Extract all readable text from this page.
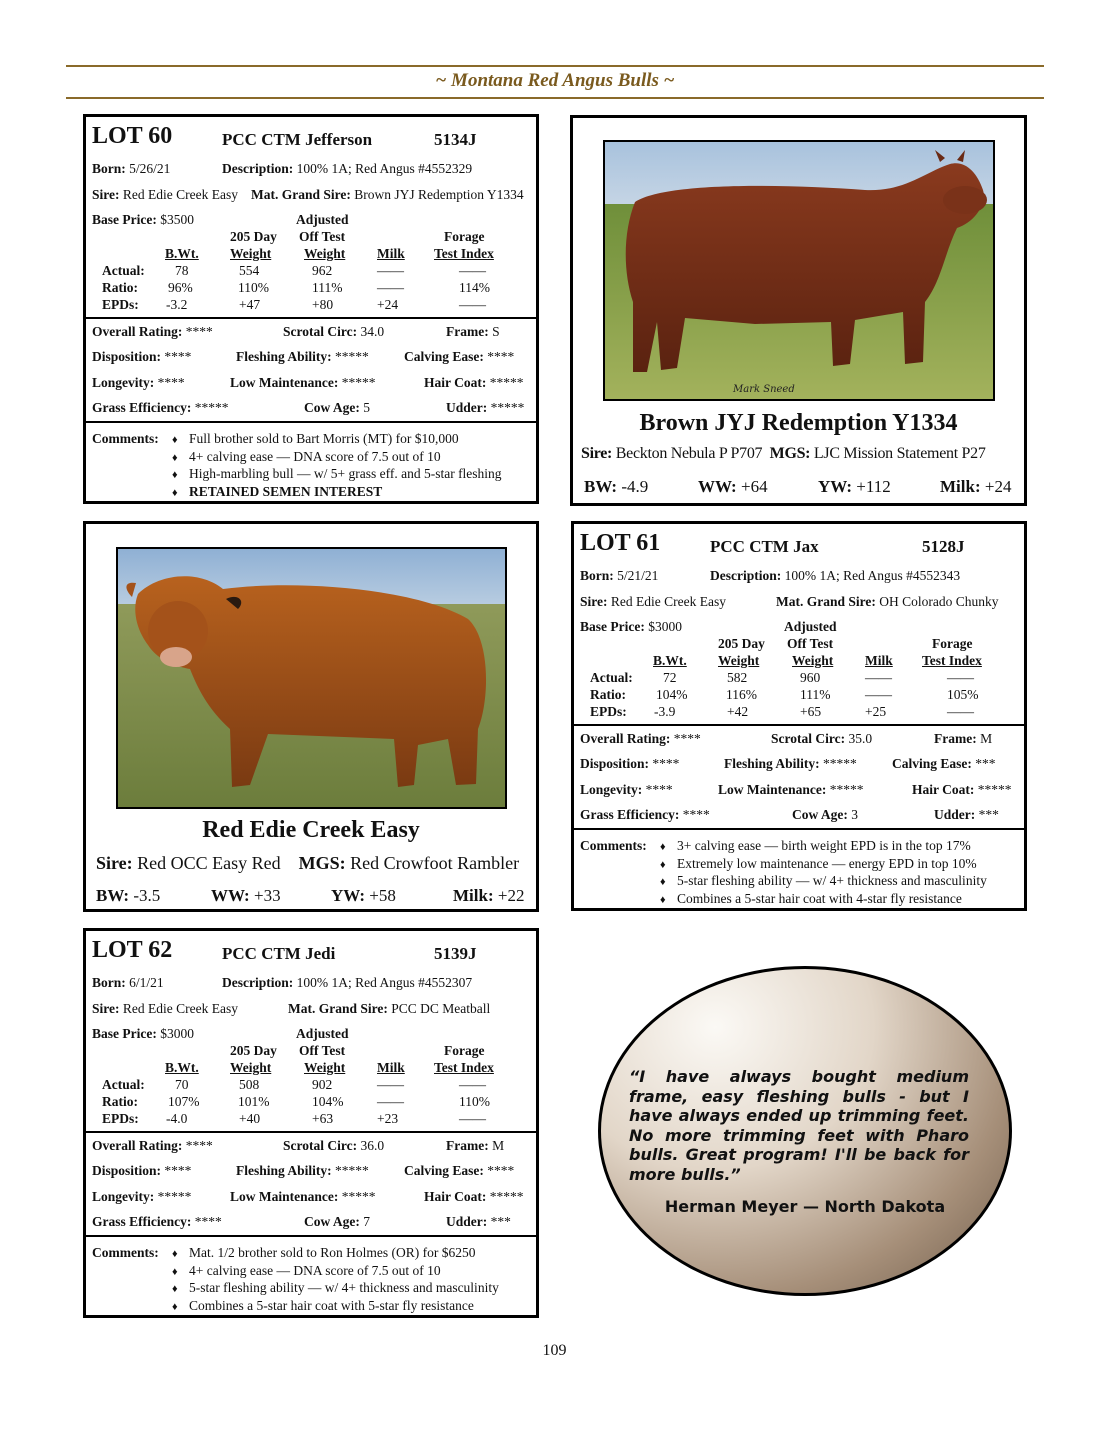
~ Montana Red Angus Bulls ~
LOT 60	PCC CTM Jefferson	5134J
Born: 5/26/21	Description: 100% 1A; Red Angus #4552329
Sire: Red Edie Creek Easy Mat. Grand Sire: Brown JYJ Redemption Y1334
Base Price: $3500	Adjusted
205 Day Off Test	Forage
B.Wt. Weight Weight Milk Test Index
Actual: 78	554	962	——	——
Ratio: 96%	110%	111%	——	114%
EPDs: -3.2	+47	+80	+24	——
Overall Rating: ****	Scrotal Circ: 34.0	Frame: S
Disposition: ****	Fleshing Ability: *****	Calving Ease: ****
Longevity: ****	Low Maintenance: *****	Hair Coat: *****
Grass Efficiency: *****	Cow Age: 5	Udder: *****
Comments:	♦ Full brother sold to Bart Morris (MT) for $10,000
♦ 4+ calving ease — DNA score of 7.5 out of 10
♦ High-marbling bull — w/ 5+ grass eff. and 5-star fleshing
♦ RETAINED SEMEN INTEREST
Mark Sneed
Brown JYJ Redemption Y1334
Sire: Beckton Nebula P P707 MGS: LJC Mission Statement P27
BW: -4.9	WW: +64	YW: +112	Milk: +24
Red Edie Creek Easy
Sire: Red OCC Easy Red MGS: Red Crowfoot Rambler
BW: -3.5	WW: +33	YW: +58	Milk: +22
LOT 61	PCC CTM Jax	5128J
Born: 5/21/21	Description: 100% 1A; Red Angus #4552343
Sire: Red Edie Creek Easy	Mat. Grand Sire: OH Colorado Chunky
Base Price: $3000	Adjusted
205 Day Off Test	Forage
B.Wt. Weight Weight Milk Test Index
Actual: 72	582	960	——	——
Ratio: 104%	116%	111%	——	105%
EPDs: -3.9	+42	+65	+25	——
Overall Rating: ****	Scrotal Circ: 35.0	Frame: M
Disposition: ****	Fleshing Ability: *****	Calving Ease: ***
Longevity: ****	Low Maintenance: *****	Hair Coat: *****
Grass Efficiency: ****	Cow Age: 3	Udder: ***
Comments:	♦ 3+ calving ease — birth weight EPD is in the top 17%
♦ Extremely low maintenance — energy EPD in top 10%
♦ 5-star fleshing ability — w/ 4+ thickness and masculinity
♦ Combines a 5-star hair coat with 4-star fly resistance
LOT 62	PCC CTM Jedi	5139J
Born: 6/1/21	Description: 100% 1A; Red Angus #4552307
Sire: Red Edie Creek Easy	Mat. Grand Sire: PCC DC Meatball
Base Price: $3000	Adjusted
205 Day Off Test	Forage
B.Wt. Weight Weight Milk Test Index
Actual: 70	508	902	——	——
Ratio: 107%	101%	104% ——	110%
EPDs: -4.0	+40	+63	+23	——
Overall Rating: ****	Scrotal Circ: 36.0	Frame: M
Disposition: ****	Fleshing Ability: *****	Calving Ease: ****
Longevity: *****	Low Maintenance: *****	Hair Coat: *****
Grass Efficiency: ****	Cow Age: 7	Udder: ***
Comments:	♦ Mat. 1/2 brother sold to Ron Holmes (OR) for $6250
♦ 4+ calving ease — DNA score of 7.5 out of 10
♦ 5-star fleshing ability — w/ 4+ thickness and masculinity
♦ Combines a 5-star hair coat with 5-star fly resistance
“I have always bought medium frame, easy fleshing bulls - but I have always ended up trimming feet. No more trimming feet with Pharo bulls. Great program! I'll be back for more bulls.”
Herman Meyer — North Dakota
109
